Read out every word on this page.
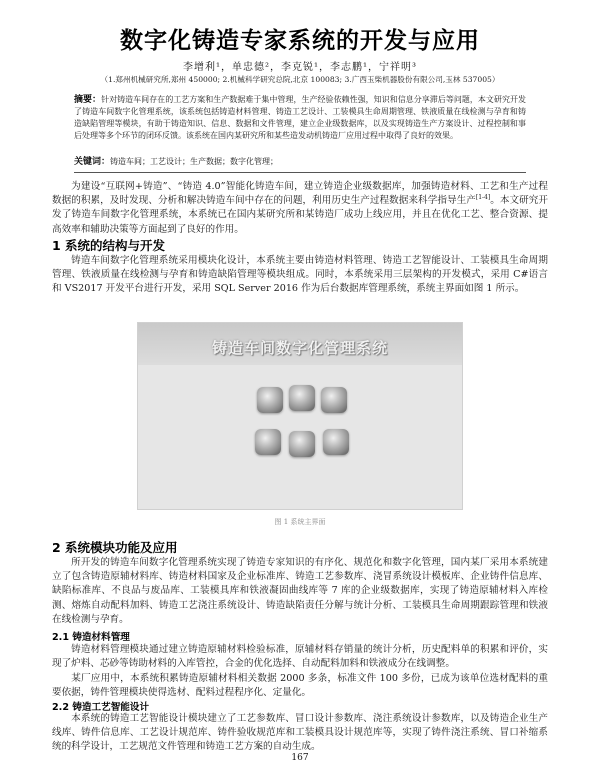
数字化铸造专家系统的开发与应用
李增利¹，单忠德²，李克锐¹，李志鹏¹，宁祥明³
（1.郑州机械研究所,郑州 450000; 2.机械科学研究总院,北京 100083; 3.广西玉柴机器股份有限公司,玉林 537005）
摘要：针对铸造车间存在的工艺方案和生产数据难于集中管理，生产经验依赖性强，知识和信息分享滞后等问题，本文研究开发了铸造车间数字化管理系统，该系统包括铸造材料管理、铸造工艺设计、工装模具生命周期管理、铁液质量在线检测与孕育和铸造缺陷管理等模块，有助于铸造知识、信息、数据和文件管理，建立企业级数据库，以及实现铸造生产方案设计、过程控制和事后处理等多个环节的闭环反馈。该系统在国内某研究所和某些造发动机铸造厂应用过程中取得了良好的效果。
关键词：铸造车间；工艺设计；生产数据；数字化管理；
为建设“互联网+铸造”、“铸造 4.0”智能化铸造车间，建立铸造企业级数据库，加强铸造材料、工艺和生产过程数据的积累，及时发现、分析和解决铸造车间中存在的问题，利用历史生产过程数据来科学指导生产[1-4]。本文研究开发了铸造车间数字化管理系统，本系统已在国内某研究所和某铸造厂成功上线应用，并且在优化工艺、整合资源、提高效率和辅助决策等方面起到了良好的作用。
1 系统的结构与开发
铸造车间数字化管理系统采用模块化设计，本系统主要由铸造材料管理、铸造工艺智能设计、工装模具生命周期管理、铁液质量在线检测与孕育和铸造缺陷管理等模块组成。同时，本系统采用三层架构的开发模式，采用 C#语言和 VS2017 开发平台进行开发，采用 SQL Server 2016 作为后台数据库管理系统，系统主界面如图 1 所示。
铸造车间数字化管理系统
图 1 系统主界面
2 系统模块功能及应用
所开发的铸造车间数字化管理系统实现了铸造专家知识的有序化、规范化和数字化管理，国内某厂采用本系统建立了包含铸造原辅材料库、铸造材料国家及企业标准库、铸造工艺参数库、浇冒系统设计模板库、企业铸件信息库、缺陷标准库、不良品与废品库、工装模具库和铁液凝固曲线库等 7 库的企业级数据库，实现了铸造原辅材料入库检测、熔炼自动配料加料、铸造工艺浇注系统设计、铸造缺陷责任分解与统计分析、工装模具生命周期跟踪管理和铁液在线检测与孕育。
2.1 铸造材料管理
铸造材料管理模块通过建立铸造原辅材料检验标准，原辅材料存销量的统计分析，历史配料单的积累和评价，实现了炉料、芯砂等铸助材料的入库管控，合金的优化选择、自动配料加料和铁液成分在线调整。
某厂应用中，本系统积累铸造原辅材料相关数据 2000 多条，标准文件 100 多份，已成为该单位选材配料的重要依据，铸件管理模块使得选材、配料过程程序化、定量化。
2.2 铸造工艺智能设计
本系统的铸造工艺智能设计模块建立了工艺参数库、冒口设计参数库、浇注系统设计参数库，以及铸造企业生产线库、铸件信息库、工艺设计规范库、铸件验收规范库和工装模具设计规范库等，实现了铸件浇注系统、冒口补缩系统的科学设计，工艺规范文件管理和铸造工艺方案的自动生成。
167
